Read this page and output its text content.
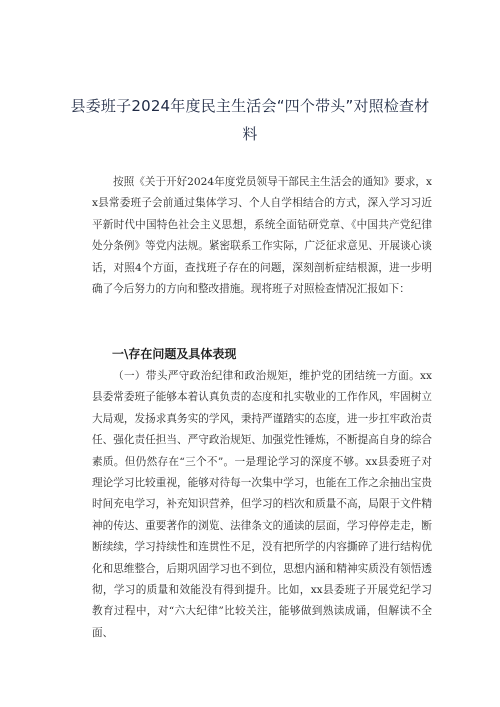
县委班子2024年度民主生活会“四个带头”对照检查材料

按照《关于开好2024年度党员领导干部民主生活会的通知》要求，xx县常委班子会前通过集体学习、个人自学相结合的方式，深入学习习近平新时代中国特色社会主义思想，系统全面钻研党章、《中国共产党纪律处分条例》等党内法规。紧密联系工作实际，广泛征求意见、开展谈心谈话，对照4个方面，查找班子存在的问题，深刻剖析症结根源，进一步明确了今后努力的方向和整改措施。现将班子对照检查情况汇报如下：

一\存在问题及具体表现

（一）带头严守政治纪律和政治规矩，维护党的团结统一方面。xx县委常委班子能够本着认真负责的态度和扎实敬业的工作作风，牢固树立大局观，发扬求真务实的学风，秉持严谨踏实的态度，进一步扛牢政治责任、强化责任担当、严守政治规矩、加强党性锤炼，不断提高自身的综合素质。但仍然存在“三个不”。一是理论学习的深度不够。xx县委班子对理论学习比较重视，能够对待每一次集中学习，也能在工作之余抽出宝贵时间充电学习，补充知识营养，但学习的档次和质量不高，局限于文件精神的传达、重要著作的浏览、法律条文的通读的层面，学习停停走走，断断续续，学习持续性和连贯性不足，没有把所学的内容撕碎了进行结构优化和思维整合，后期巩固学习也不到位，思想内涵和精神实质没有领悟透彻，学习的质量和效能没有得到提升。比如，xx县委班子开展党纪学习教育过程中，对“六大纪律”比较关注，能够做到熟读成诵，但解读不全面、
